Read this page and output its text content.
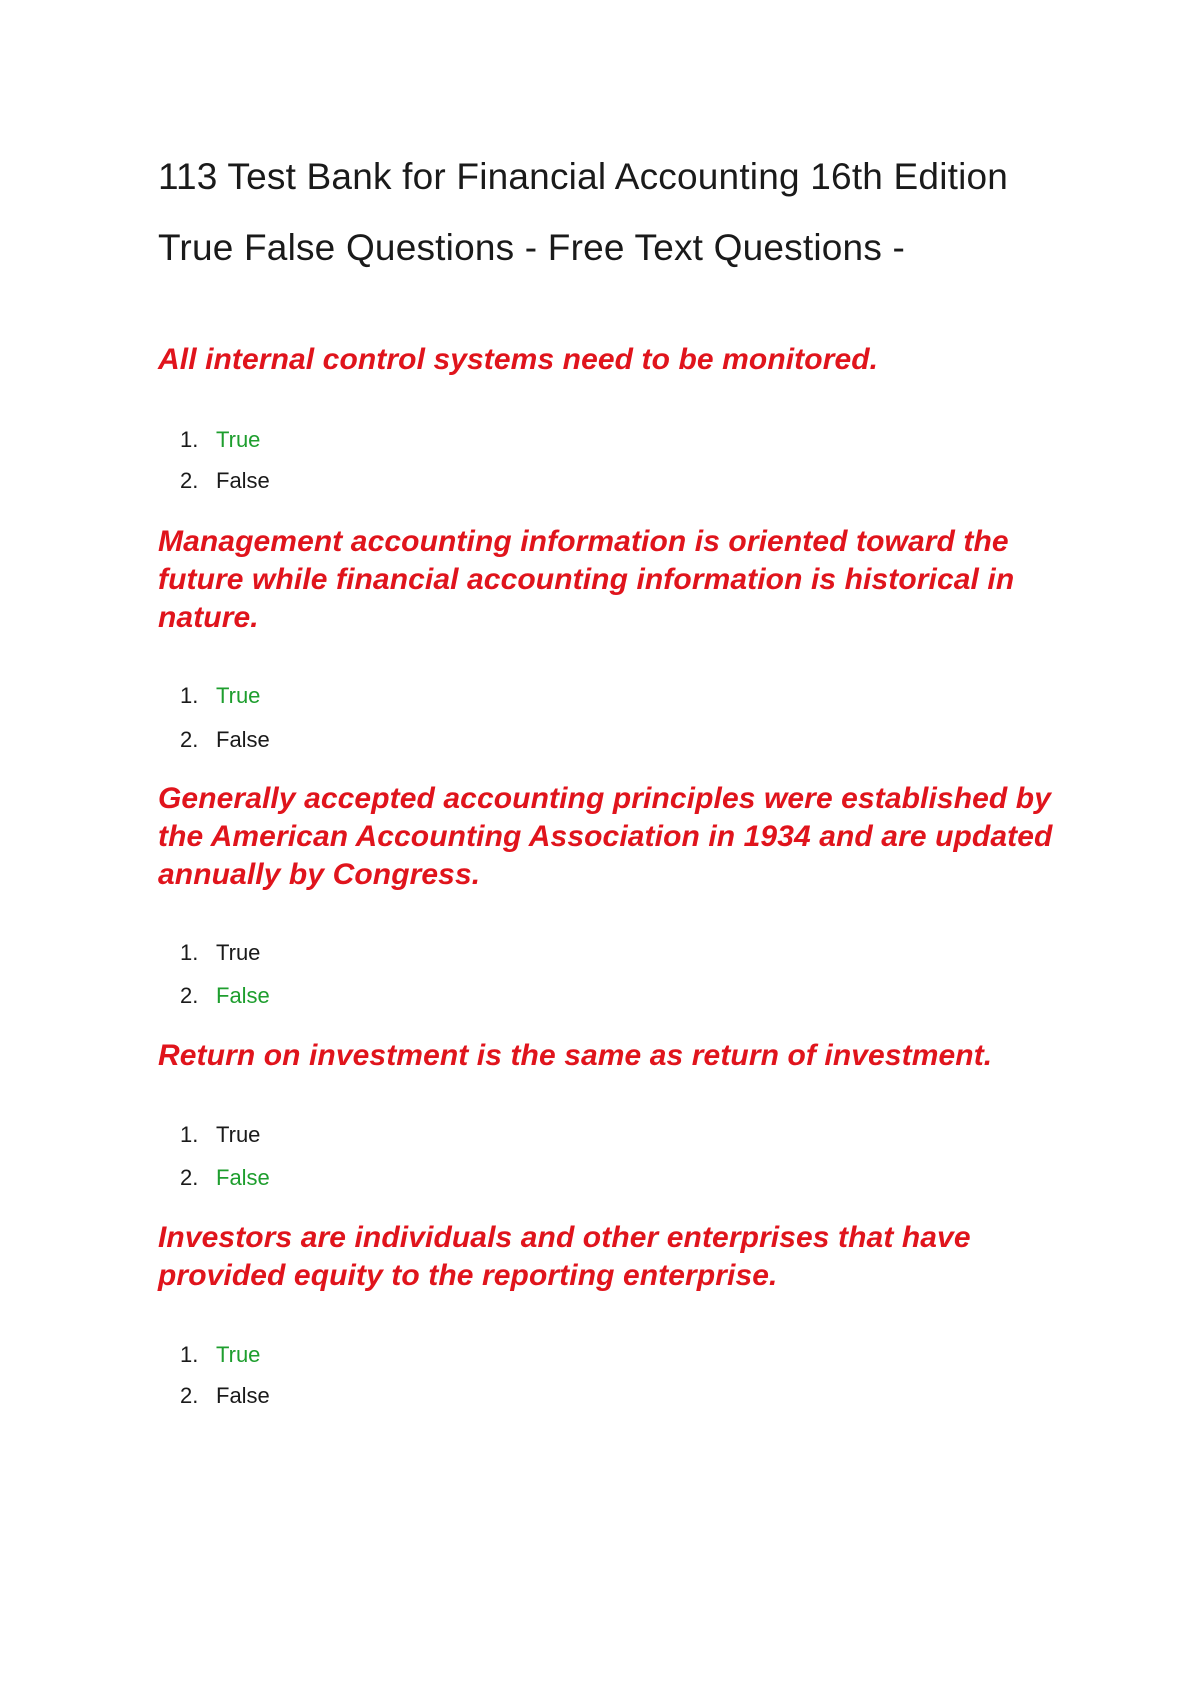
113 Test Bank for Financial Accounting 16th Edition
True False Questions - Free Text Questions -

All internal control systems need to be monitored.

1. True
2. False

Management accounting information is oriented toward the future while financial accounting information is historical in nature.

1. True
2. False

Generally accepted accounting principles were established by the American Accounting Association in 1934 and are updated annually by Congress.

1. True
2. False

Return on investment is the same as return of investment.

1. True
2. False

Investors are individuals and other enterprises that have provided equity to the reporting enterprise.

1. True
2. False
